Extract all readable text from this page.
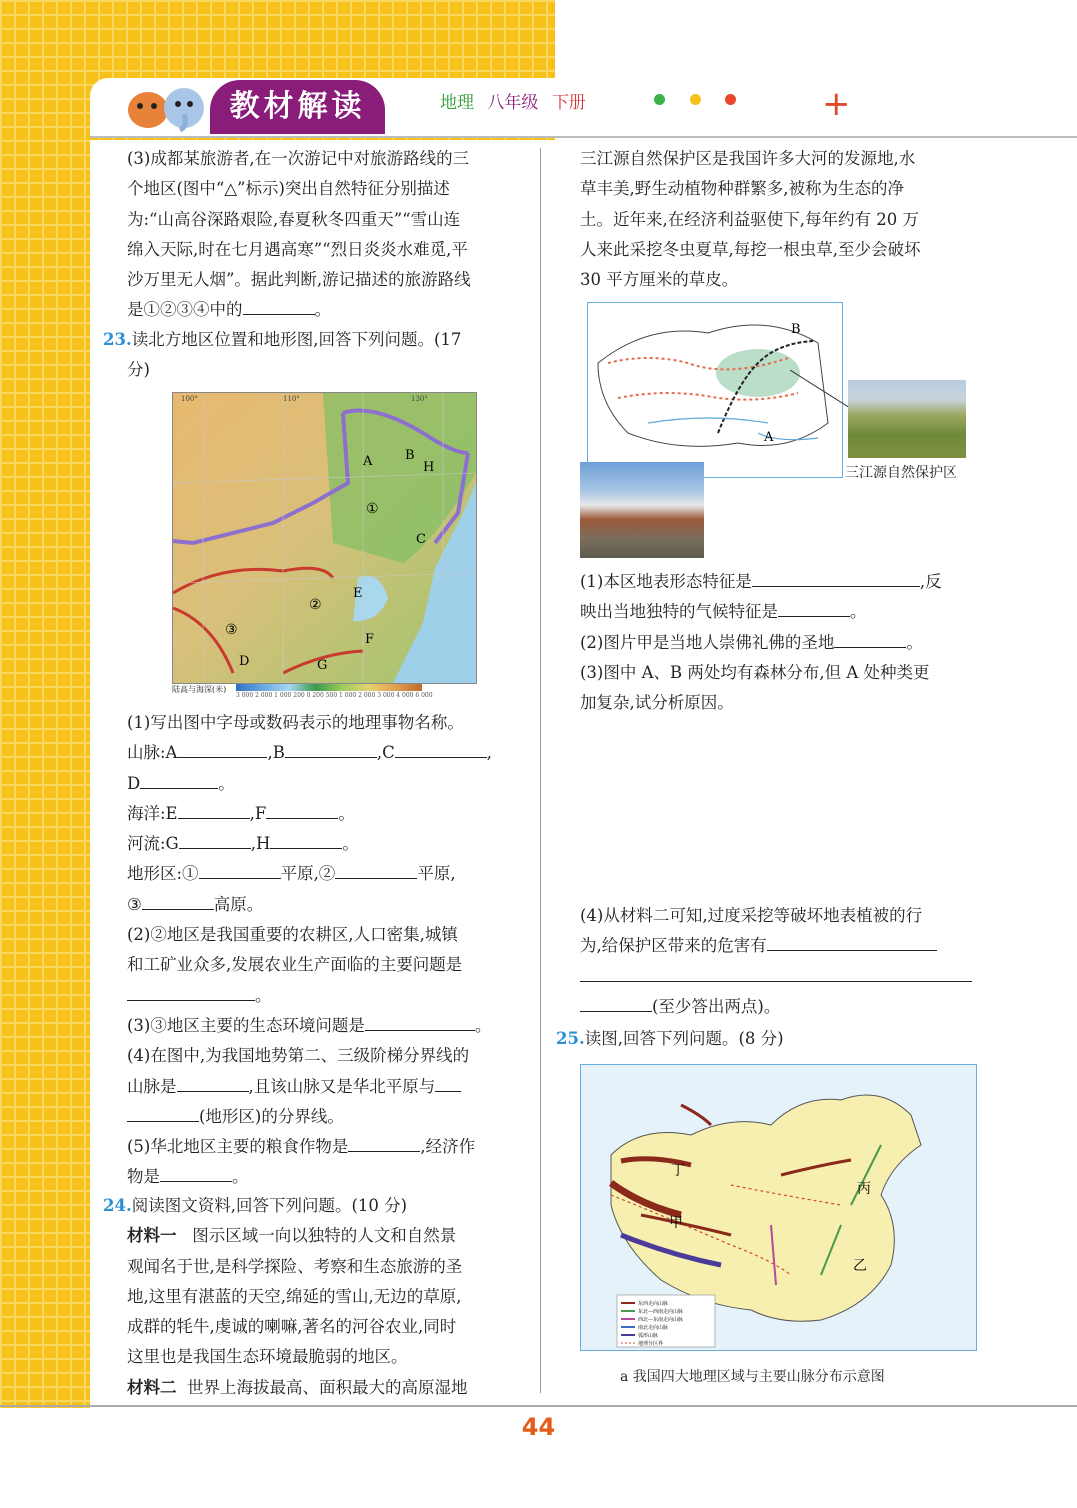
教材解读	地理 八年级 下册	+

(3)成都某旅游者,在一次游记中对旅游路线的三

个地区(图中“△”标示)突出自然特征分别描述

为:“山高谷深路艰险,春夏秋冬四重天”“雪山连

绵入天际,时在七月遇高寒”“烈日炎炎水难觅,平

沙万里无人烟”。据此判断,游记描述的旅游路线

是①②③④中的	。

23.读北方地区位置和地形图,回答下列问题。(17

分)

100°	110°	130°
A	B
H
①
C
E
②
③
F
D	G
陆高与海深(米)
3 000 2 000 1 000 200 0 200 500 1 000 2 000 3 000 4 000 6 000

(1)写出图中字母或数码表示的地理事物名称。

山脉:A	,B	,C	,

D	。

海洋:E	,F	。

河流:G	,H	。

地形区:①	平原,②	平原,

③	高原。

(2)②地区是我国重要的农耕区,人口密集,城镇

和工矿业众多,发展农业生产面临的主要问题是

。

(3)③地区主要的生态环境问题是	。

(4)在图中,为我国地势第二、三级阶梯分界线的

山脉是	,且该山脉又是华北平原与

(地形区)的分界线。

(5)华北地区主要的粮食作物是	,经济作

物是	。

24.阅读图文资料,回答下列问题。(10 分)

材料一 图示区域一向以独特的人文和自然景

观闻名于世,是科学探险、考察和生态旅游的圣

地,这里有湛蓝的天空,绵延的雪山,无边的草原,

成群的牦牛,虔诚的喇嘛,著名的河谷农业,同时

这里也是我国生态环境最脆弱的地区。

材料二 世界上海拔最高、面积最大的高原湿地

三江源自然保护区是我国许多大河的发源地,水

草丰美,野生动植物种群繁多,被称为生态的净

土。近年来,在经济利益驱使下,每年约有 20 万

人来此采挖冬虫夏草,每挖一根虫草,至少会破坏

30 平方厘米的草皮。

B
A
三江源自然保护区

(1)本区地表形态特征是	,反

映出当地独特的气候特征是	。

(2)图片甲是当地人崇佛礼佛的圣地	。

(3)图中 A、B 两处均有森林分布,但 A 处种类更

加复杂,试分析原因。

(4)从材料二可知,过度采挖等破坏地表植被的行

为,给保护区带来的危害有

(至少答出两点)。

25.读图,回答下列问题。(8 分)

丁
丙
甲
乙
东西走向山脉
东北—西南走向山脉
西北—东南走向山脉
南北走向山脉
弧形山脉
地理分区界
a 我国四大地理区域与主要山脉分布示意图
44
